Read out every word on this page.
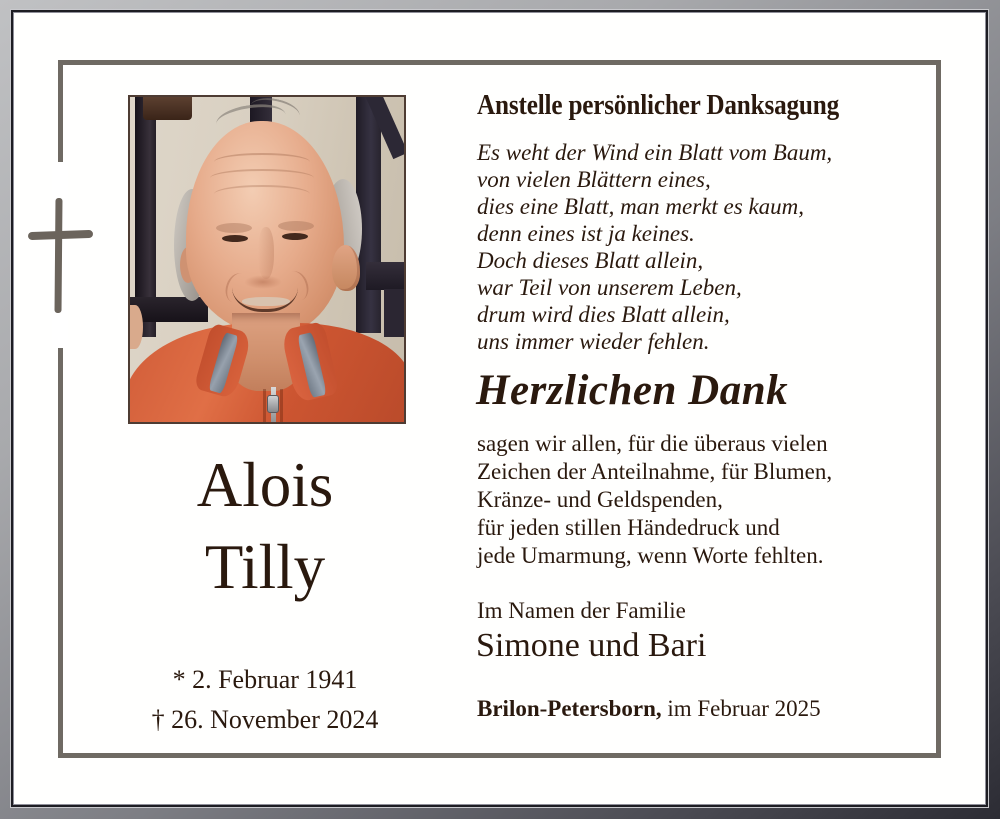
Alois
Tilly
* 2. Februar 1941
† 26. November 2024
Anstelle persönlicher Danksagung
Es weht der Wind ein Blatt vom Baum,
von vielen Blättern eines,
dies eine Blatt, man merkt es kaum,
denn eines ist ja keines.
Doch dieses Blatt allein,
war Teil von unserem Leben,
drum wird dies Blatt allein,
uns immer wieder fehlen.
Herzlichen Dank
sagen wir allen, für die überaus vielen
Zeichen der Anteilnahme, für Blumen,
Kränze- und Geldspenden,
für jeden stillen Händedruck und
jede Umarmung, wenn Worte fehlten.
Im Namen der Familie
Simone und Bari
Brilon-Petersborn, im Februar 2025
